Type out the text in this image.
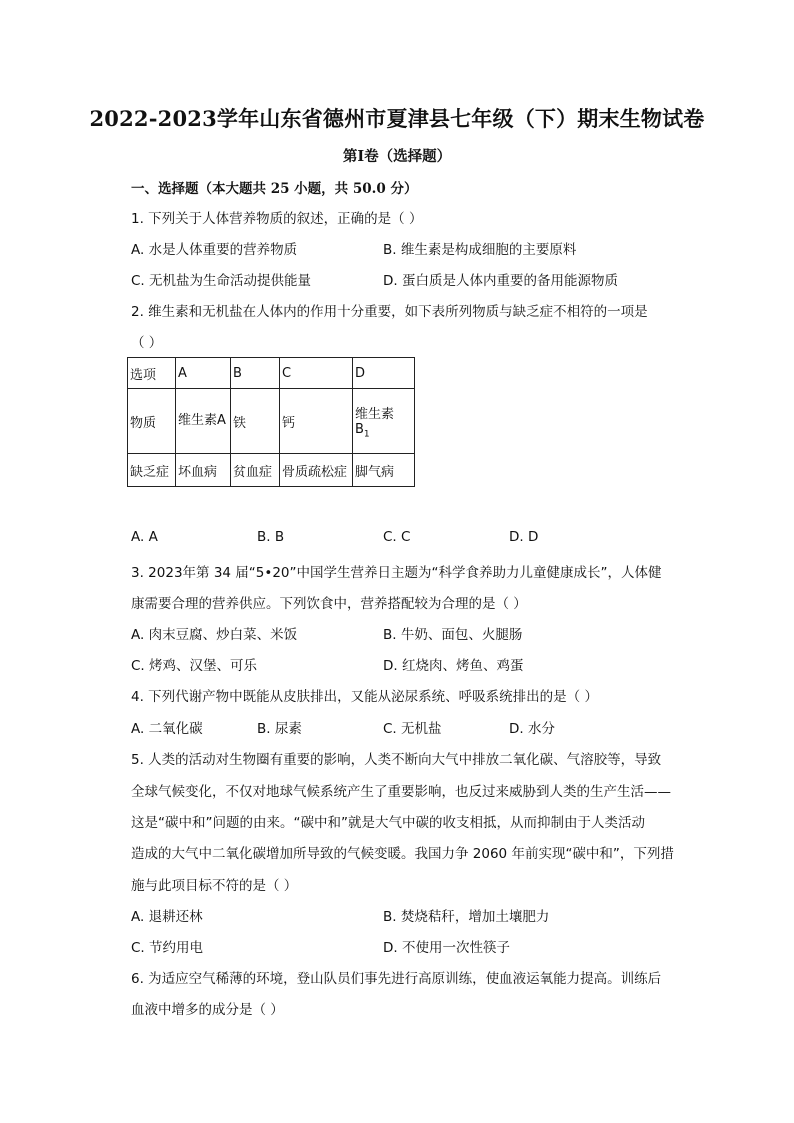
2022-2023学年山东省德州市夏津县七年级（下）期末生物试卷
第I卷（选择题）
一、选择题（本大题共 25 小题，共 50.0 分）
1. 下列关于人体营养物质的叙述，正确的是（ ）
A. 水是人体重要的营养物质	B. 维生素是构成细胞的主要原料
C. 无机盐为生命活动提供能量	D. 蛋白质是人体内重要的备用能源物质
2. 维生素和无机盐在人体内的作用十分重要，如下表所列物质与缺乏症不相符的一项是
（ ）
选项	A	B	C	D
物质	维生素A	铁	钙	维生素 $B_1$
缺乏症	坏血病	贫血症	骨质疏松症	脚气病
A. A	B. B	C. C	D. D
3. 2023年第 34 届“5•20”中国学生营养日主题为“科学食养助力儿童健康成长”，人体健
康需要合理的营养供应。下列饮食中，营养搭配较为合理的是（ ）
A. 肉末豆腐、炒白菜、米饭	B. 牛奶、面包、火腿肠
C. 烤鸡、汉堡、可乐	D. 红烧肉、烤鱼、鸡蛋
4. 下列代谢产物中既能从皮肤排出，又能从泌尿系统、呼吸系统排出的是（ ）
A. 二氧化碳	B. 尿素	C. 无机盐	D. 水分
5. 人类的活动对生物圈有重要的影响，人类不断向大气中排放二氧化碳、气溶胶等，导致
全球气候变化，不仅对地球气候系统产生了重要影响，也反过来威胁到人类的生产生活——
这是“碳中和”问题的由来。“碳中和”就是大气中碳的收支相抵，从而抑制由于人类活动
造成的大气中二氧化碳增加所导致的气候变暖。我国力争 2060 年前实现“碳中和”，下列措
施与此项目标不符的是（ ）
A. 退耕还林	B. 焚烧秸秆，增加土壤肥力
C. 节约用电	D. 不使用一次性筷子
6. 为适应空气稀薄的环境，登山队员们事先进行高原训练，使血液运氧能力提高。训练后
血液中增多的成分是（ ）
